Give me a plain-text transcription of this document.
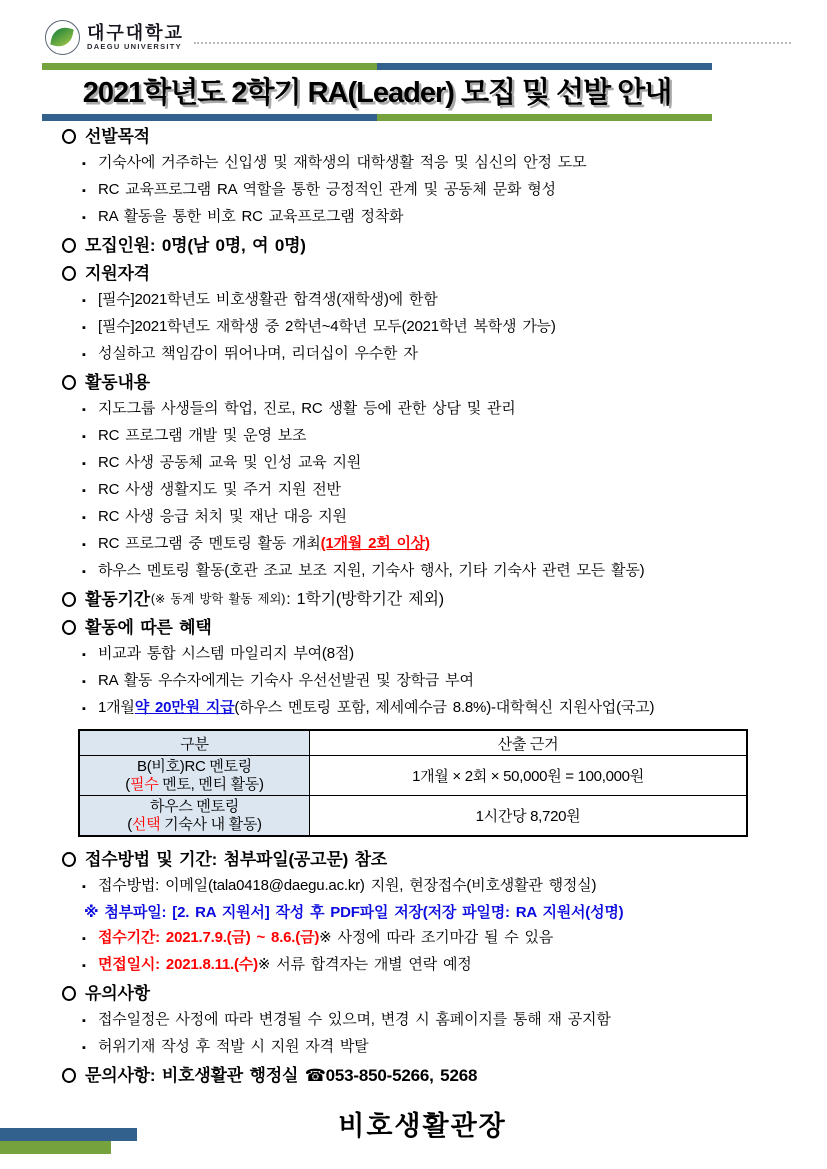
대구대학교
DAEGU UNIVERSITY
2021학년도 2학기 RA(Leader) 모집 및 선발 안내
선발목적
▪ 기숙사에 거주하는 신입생 및 재학생의 대학생활 적응 및 심신의 안정 도모
▪ RC 교육프로그램 RA 역할을 통한 긍정적인 관계 및 공동체 문화 형성
▪ RA 활동을 통한 비호 RC 교육프로그램 정착화
모집인원: 0명(남 0명, 여 0명)
지원자격
▪ [필수]2021학년도 비호생활관 합격생(재학생)에 한함
▪ [필수]2021학년도 재학생 중 2학년~4학년 모두(2021학년 복학생 가능)
▪ 성실하고 책임감이 뛰어나며, 리더십이 우수한 자
활동내용
▪ 지도그룹 사생들의 학업, 진로, RC 생활 등에 관한 상담 및 관리
▪ RC 프로그램 개발 및 운영 보조
▪ RC 사생 공동체 교육 및 인성 교육 지원
▪ RC 사생 생활지도 및 주거 지원 전반
▪ RC 사생 응급 처치 및 재난 대응 지원
▪ RC 프로그램 중 멘토링 활동 개최 (1개월 2회 이상)
▪ 하우스 멘토링 활동(호관 조교 보조 지원, 기숙사 행사, 기타 기숙사 관련 모든 활동)
활동기간 (※ 동계 방학 활동 제외) : 1학기(방학기간 제외)
활동에 따른 혜택
▪ 비교과 통합 시스템 마일리지 부여(8점)
▪ RA 활동 우수자에게는 기숙사 우선선발권 및 장학금 부여
▪ 1개월 약 20만원 지급 (하우스 멘토링 포함, 제세예수금 8.8%)-대학혁신 지원사업(국고)
구분	산출 근거

B(비호)RC 멘토링
(필수 멘토, 멘티 활동)	1개월 × 2회 × 50,000원 = 100,000원

하우스 멘토링
(선택 기숙사 내 활동)	1시간당 8,720원
접수방법 및 기간: 첨부파일(공고문) 참조
▪ 접수방법: 이메일(tala0418@daegu.ac.kr) 지원, 현장접수(비호생활관 행정실)
※ 첨부파일: [2. RA 지원서] 작성 후 PDF파일 저장(저장 파일명: RA 지원서(성명)
▪ 접수기간: 2021.7.9.(금) ~ 8.6.(금) ※ 사정에 따라 조기마감 될 수 있음
▪ 면접일시: 2021.8.11.(수) ※ 서류 합격자는 개별 연락 예정
유의사항
▪ 접수일정은 사정에 따라 변경될 수 있으며, 변경 시 홈페이지를 통해 재 공지함
▪ 허위기재 작성 후 적발 시 지원 자격 박탈
문의사항: 비호생활관 행정실 ☎053-850-5266, 5268
비호생활관장
